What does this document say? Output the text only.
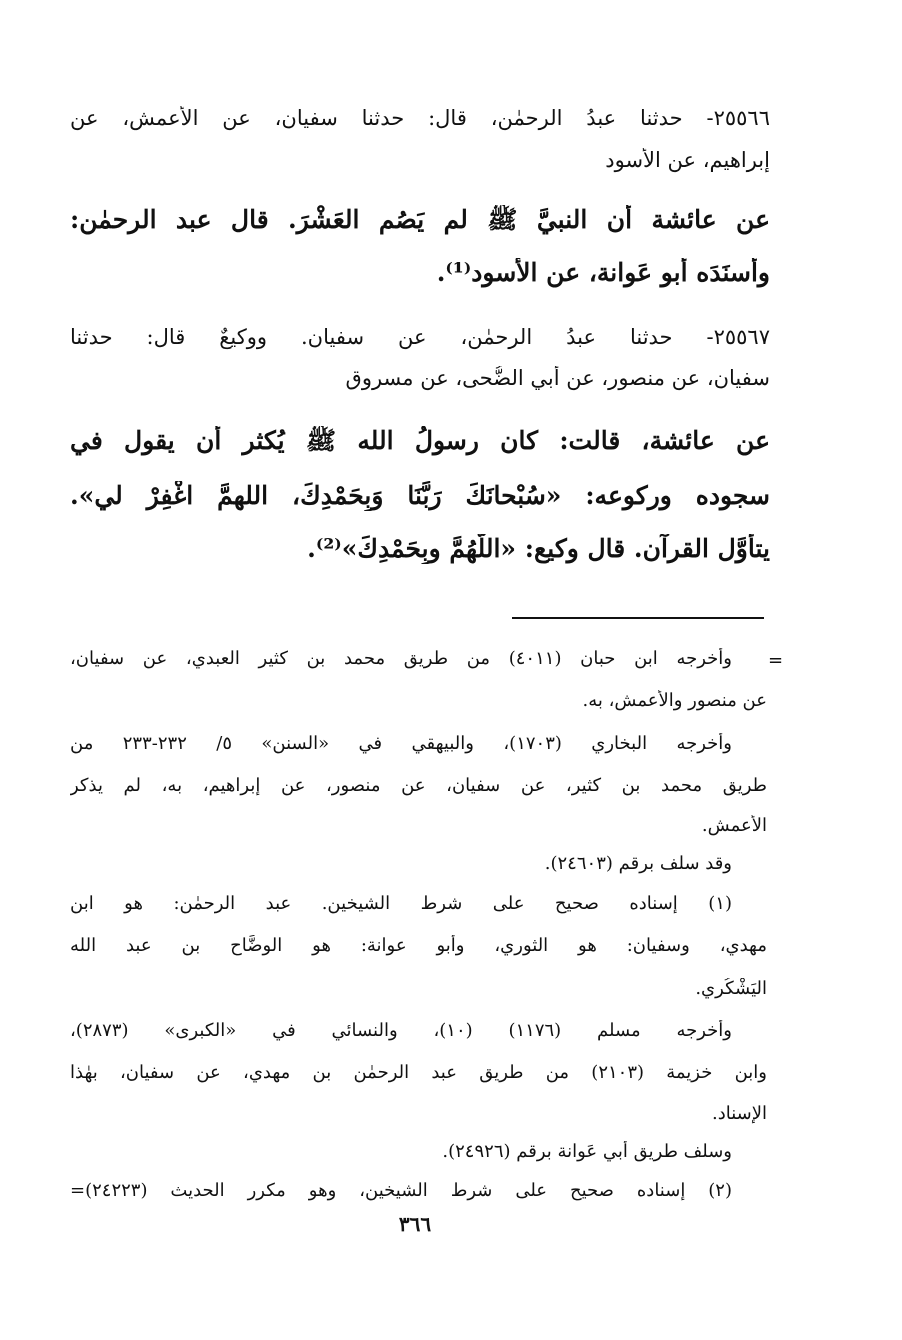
٢٥٥٦٦- حدثنا عبدُ الرحمٰن، قال: حدثنا سفيان، عن الأعمش، عن
إبراهيم، عن الأسود
عن عائشة أن النبيَّ ﷺ لم يَصُمِ العَشْرَ. قال عبد الرحمٰن:
وأسنَدَه أبو عَوانة، عن الأسود⁽¹⁾.
٢٥٥٦٧- حدثنا عبدُ الرحمٰن، عن سفيان. ووكيعٌ قال: حدثنا
سفيان، عن منصور، عن أبي الضُّحى، عن مسروق
عن عائشة، قالت: كان رسولُ الله ﷺ يُكثر أن يقول في
سجوده وركوعه: «سُبْحانَكَ رَبَّنَا وَبِحَمْدِكَ، اللهمَّ اغْفِرْ لي».
يتأوَّل القرآن. قال وكيع: «اللَّهُمَّ وبِحَمْدِكَ»⁽²⁾.
=
وأخرجه ابن حبان (٤٠١١) من طريق محمد بن كثير العبدي، عن سفيان،
عن منصور والأعمش، به.
وأخرجه البخاري (١٧٠٣)، والبيهقي في «السنن» ٥/ ٢٣٢-٢٣٣ من
طريق محمد بن كثير، عن سفيان، عن منصور، عن إبراهيم، به، لم يذكر
الأعمش.
وقد سلف برقم (٢٤٦٠٣).
(١) إسناده صحيح على شرط الشيخين. عبد الرحمٰن: هو ابن
مهدي، وسفيان: هو الثوري، وأبو عوانة: هو الوضَّاح بن عبد الله
اليَشْكُري.
وأخرجه مسلم (١١٧٦) (١٠)، والنسائي في «الكبرى» (٢٨٧٣)،
وابن خزيمة (٢١٠٣) من طريق عبد الرحمٰن بن مهدي، عن سفيان، بهٰذا
الإسناد.
وسلف طريق أبي عَوانة برقم (٢٤٩٢٦).
(٢) إسناده صحيح على شرط الشيخين، وهو مكرر الحديث (٢٤٢٢٣)=
٣٦٦
